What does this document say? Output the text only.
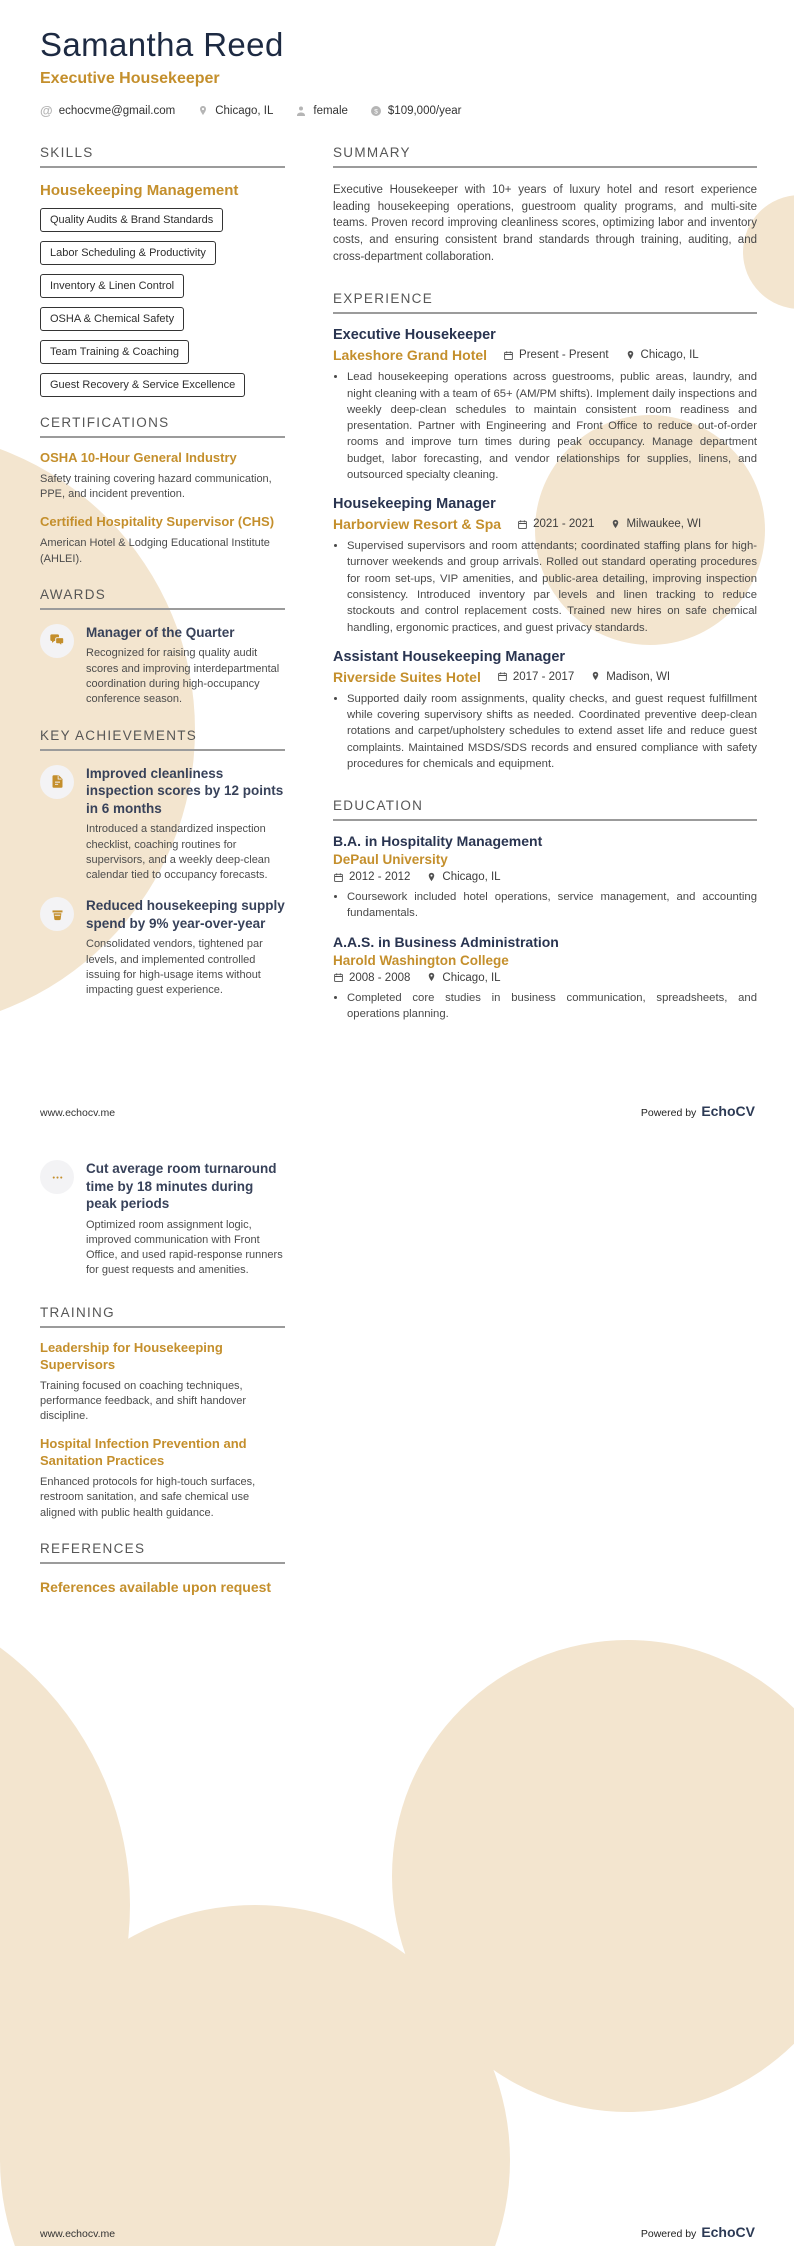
Samantha Reed
Executive Housekeeper
@ echocvme@gmail.com	Chicago, IL	female $ $109,000/year
SKILLS
Housekeeping Management
Quality Audits & Brand Standards
Labor Scheduling & Productivity
Inventory & Linen Control
OSHA & Chemical Safety
Team Training & Coaching
Guest Recovery & Service Excellence
CERTIFICATIONS
OSHA 10-Hour General Industry
Safety training covering hazard communication, PPE, and incident prevention.
Certified Hospitality Supervisor (CHS)
American Hotel & Lodging Educational Institute (AHLEI).
AWARDS
Manager of the Quarter
Recognized for raising quality audit scores and improving interdepartmental coordination during high-occupancy conference season.
KEY ACHIEVEMENTS
Improved cleanliness inspection scores by 12 points in 6 months
Introduced a standardized inspection checklist, coaching routines for supervisors, and a weekly deep-clean calendar tied to occupancy forecasts.
Reduced housekeeping supply spend by 9% year-over-year
Consolidated vendors, tightened par levels, and implemented controlled issuing for high-usage items without impacting guest experience.
SUMMARY
Executive Housekeeper with 10+ years of luxury hotel and resort experience leading housekeeping operations, guestroom quality programs, and multi-site teams. Proven record improving cleanliness scores, optimizing labor and inventory costs, and ensuring consistent brand standards through training, auditing, and cross-department collaboration.
EXPERIENCE
Executive Housekeeper
Lakeshore Grand Hotel	Present - Present	Chicago, IL
• Lead housekeeping operations across guestrooms, public areas, laundry, and night cleaning with a team of 65+ (AM/PM shifts). Implement daily inspections and weekly deep-clean schedules to maintain consistent room readiness and presentation. Partner with Engineering and Front Office to reduce out-of-order rooms and improve turn times during peak occupancy. Manage department budget, labor forecasting, and vendor relationships for supplies, linens, and outsourced specialty cleaning.
Housekeeping Manager
Harborview Resort & Spa	2021 - 2021	Milwaukee, WI
• Supervised supervisors and room attendants; coordinated staffing plans for high-turnover weekends and group arrivals. Rolled out standard operating procedures for room set-ups, VIP amenities, and public-area detailing, improving inspection consistency. Introduced inventory par levels and linen tracking to reduce stockouts and control replacement costs. Trained new hires on safe chemical handling, ergonomic practices, and guest privacy standards.
Assistant Housekeeping Manager
Riverside Suites Hotel	2017 - 2017	Madison, WI
• Supported daily room assignments, quality checks, and guest request fulfillment while covering supervisory shifts as needed. Coordinated preventive deep-clean rotations and carpet/upholstery schedules to extend asset life and reduce guest complaints. Maintained MSDS/SDS records and ensured compliance with safety procedures for chemicals and equipment.
EDUCATION
B.A. in Hospitality Management
DePaul University
2012 - 2012	Chicago, IL
• Coursework included hotel operations, service management, and accounting fundamentals.
A.A.S. in Business Administration
Harold Washington College
2008 - 2008	Chicago, IL
• Completed core studies in business communication, spreadsheets, and operations planning.
www.echocv.me	Powered by EchoCV
Cut average room turnaround time by 18 minutes during peak periods
Optimized room assignment logic, improved communication with Front Office, and used rapid-response runners for guest requests and amenities.
TRAINING
Leadership for Housekeeping Supervisors
Training focused on coaching techniques, performance feedback, and shift handover discipline.
Hospital Infection Prevention and Sanitation Practices
Enhanced protocols for high-touch surfaces, restroom sanitation, and safe chemical use aligned with public health guidance.
REFERENCES
References available upon request
www.echocv.me	Powered by EchoCV
